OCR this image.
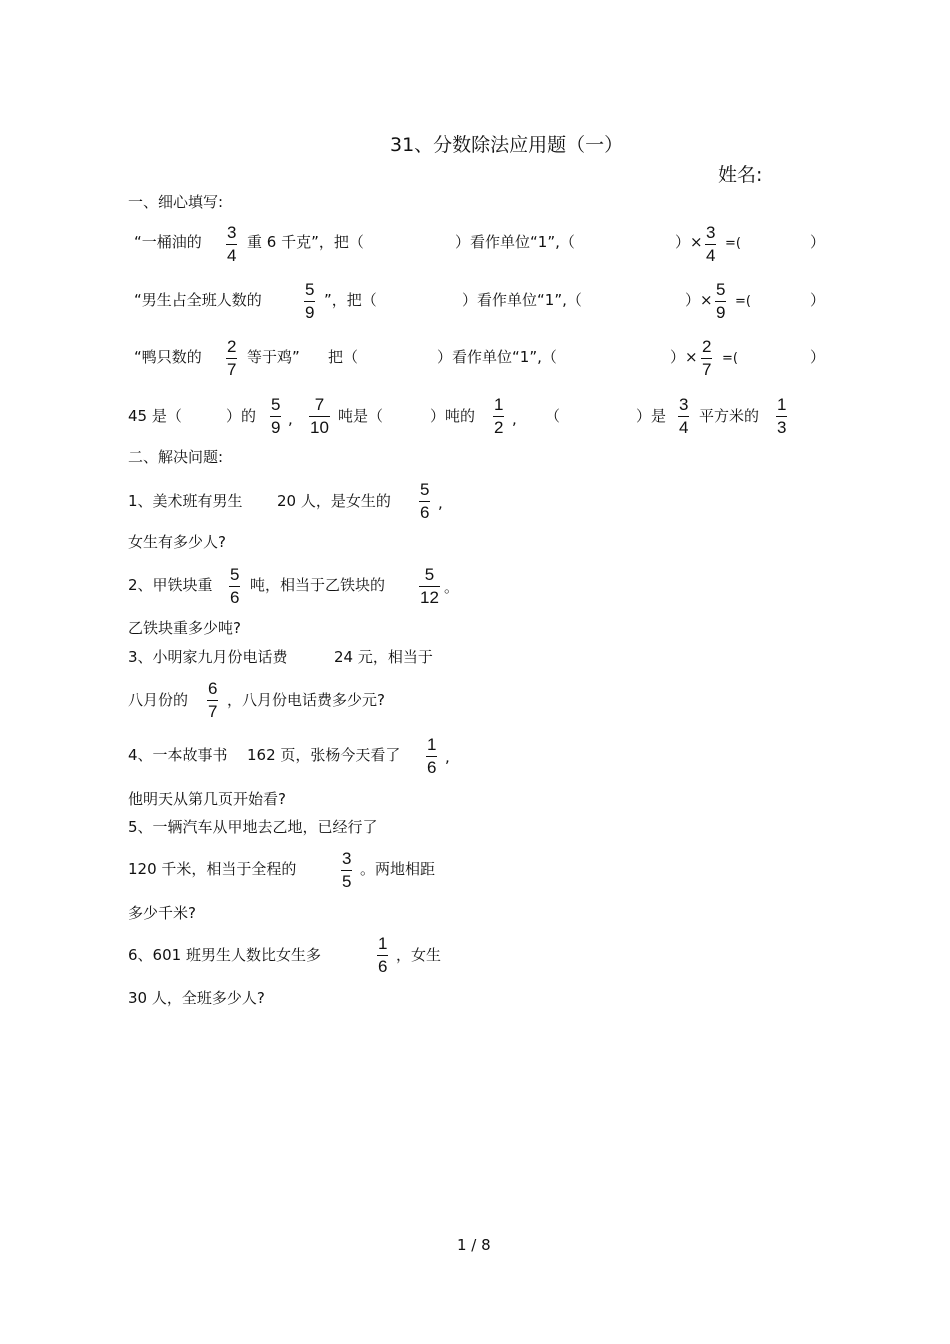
31、分数除法应用题（一）
姓名:
一、细心填写:
“一桶油的 3
4
重 6 千克”，把（	）看作单位“1”,（	）× 3
4
=(	）
“男生占全班人数的
5
9
”，把（	）看作单位“1”,（	）×
5
9
=(	）
“鸭只数的
2
7
等于鸡” 把（	）看作单位“1”,（	）×
2
7
=(	）
45 是（	）的
5
9 ,
7
10
吨是（	）吨的
1
2 , （	）是
3
4
平方米的
1
3
二、解决问题:
1、美术班有男生 20 人，是女生的
5
6 ,
女生有多少人?
2、甲铁块重
5
6
吨，相当于乙铁块的
5
12
。
乙铁块重多少吨?
3、小明家九月份电话费	24 元，相当于
八月份的
6
7
，八月份电话费多少元?
4、一本故事书 162 页，张杨今天看了
1
6
,
他明天从第几页开始看?
5、一辆汽车从甲地去乙地，已经行了
120 千米，相当于全程的
3
5
。两地相距
多少千米?
6、601 班男生人数比女生多
1
6
，女生
30 人，全班多少人?
1 / 8
